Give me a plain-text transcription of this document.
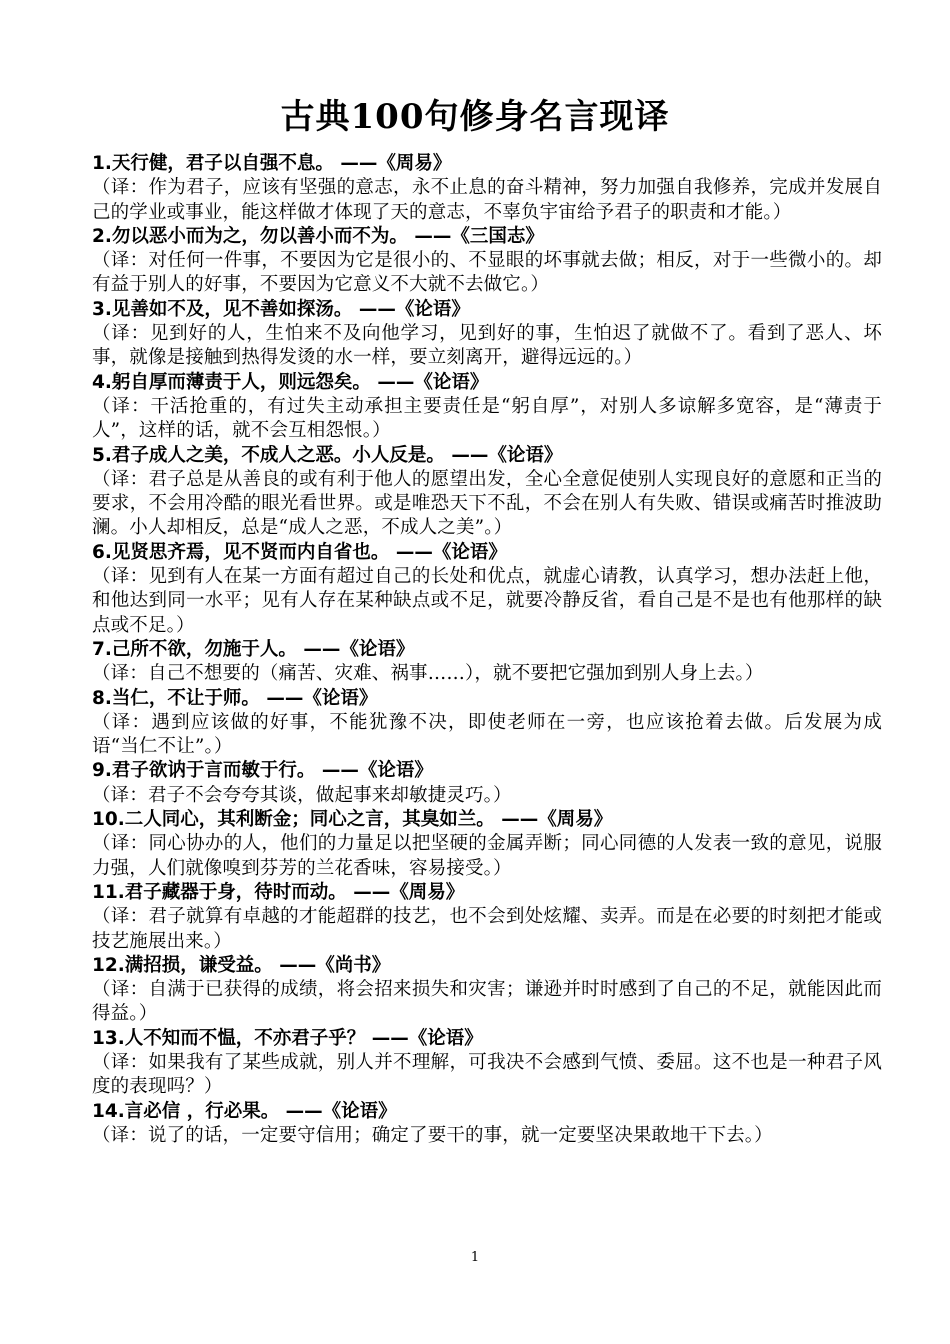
古典100句修身名言现译
1.天行健，君子以自强不息。 ——《周易》
（译：作为君子，应该有坚强的意志，永不止息的奋斗精神，努力加强自我修养，完成并发展自己的学业或事业，能这样做才体现了天的意志，不辜负宇宙给予君子的职责和才能。）
2.勿以恶小而为之，勿以善小而不为。 ——《三国志》
（译：对任何一件事，不要因为它是很小的、不显眼的坏事就去做；相反，对于一些微小的。却有益于别人的好事，不要因为它意义不大就不去做它。）
3.见善如不及，见不善如探汤。 ——《论语》
（译：见到好的人，生怕来不及向他学习，见到好的事，生怕迟了就做不了。看到了恶人、坏事，就像是接触到热得发烫的水一样，要立刻离开，避得远远的。）
4.躬自厚而薄责于人，则远怨矣。 ——《论语》
（译：干活抢重的，有过失主动承担主要责任是“躬自厚”，对别人多谅解多宽容，是“薄责于人”，这样的话，就不会互相怨恨。）
5.君子成人之美，不成人之恶。小人反是。 ——《论语》
（译：君子总是从善良的或有利于他人的愿望出发，全心全意促使别人实现良好的意愿和正当的要求，不会用冷酷的眼光看世界。或是唯恐天下不乱，不会在别人有失败、错误或痛苦时推波助澜。小人却相反，总是“成人之恶，不成人之美”。）
6.见贤思齐焉，见不贤而内自省也。 ——《论语》
（译：见到有人在某一方面有超过自己的长处和优点，就虚心请教，认真学习，想办法赶上他，和他达到同一水平；见有人存在某种缺点或不足，就要冷静反省，看自己是不是也有他那样的缺点或不足。）
7.己所不欲，勿施于人。 ——《论语》
（译：自己不想要的（痛苦、灾难、祸事……），就不要把它强加到别人身上去。）
8.当仁，不让于师。 ——《论语》
（译：遇到应该做的好事，不能犹豫不决，即使老师在一旁，也应该抢着去做。后发展为成语“当仁不让”。）
9.君子欲讷于言而敏于行。 ——《论语》
（译：君子不会夸夸其谈，做起事来却敏捷灵巧。）
10.二人同心，其利断金；同心之言，其臭如兰。 ——《周易》
（译：同心协办的人，他们的力量足以把坚硬的金属弄断；同心同德的人发表一致的意见，说服力强，人们就像嗅到芬芳的兰花香味，容易接受。）
11.君子藏器于身，待时而动。 ——《周易》
（译：君子就算有卓越的才能超群的技艺，也不会到处炫耀、卖弄。而是在必要的时刻把才能或技艺施展出来。）
12.满招损，谦受益。 ——《尚书》
（译：自满于已获得的成绩，将会招来损失和灾害；谦逊并时时感到了自己的不足，就能因此而得益。）
13.人不知而不愠，不亦君子乎？ ——《论语》
（译：如果我有了某些成就，别人并不理解，可我决不会感到气愤、委屈。这不也是一种君子风度的表现吗？）
14.言必信 ，行必果。 ——《论语》
（译：说了的话，一定要守信用；确定了要干的事，就一定要坚决果敢地干下去。）
1
